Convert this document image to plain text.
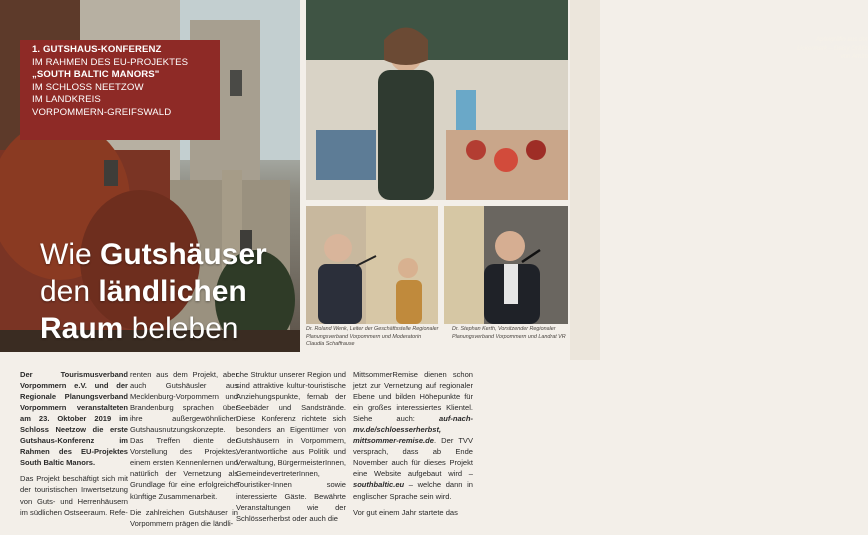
1. GUTSHAUS-KONFERENZ
IM RAHMEN DES EU-PROJEKTES
„SOUTH BALTIC MANORS"
IM SCHLOSS NEETZOW
IM LANDKREIS
VORPOMMERN-GREIFSWALD
Wie Gutshäuser
den ländlichen
Raum beleben
Apfelgräfin aus der Uckermark – Daisy Gräfin von Arnim
Dr. Roland Wenk, Leiter der Geschäftsstelle Regionaler Planungsverband Vorpommern und Moderatorin Claudia Schaffrause
Dr. Stephan Kerth, Vorsitzender Regionaler Planungsverband Vorpommern und Landrat VR

Der Tourismusverband Vorpommern e.V. und der Regionale Planungsverband Vorpommern veranstalteten am 23. Oktober 2019 im Schloss Neetzow die erste Gutshaus-Konferenz im Rahmen des EU-Projektes South Baltic Manors.

Das Projekt beschäftigt sich mit der touristischen Inwertsetzung von Guts- und Herrenhäusern im südlichen Ostseeraum. Refe-

renten aus dem Projekt, aber auch Gutshäusler aus Mecklenburg-Vorpommern und Brandenburg sprachen über ihre außergewöhnlichen Gutshausnutzungskonzepte. Das Treffen diente der Vorstellung des Projektes, einem ersten Kennenlernen und natürlich der Vernetzung als Grundlage für eine erfolgreiche künftige Zusammenarbeit.

Die zahlreichen Gutshäuser in Vorpommern prägen die ländli-

che Struktur unserer Region und sind attraktive kultur-touristische Anziehungspunkte, fernab der Seebäder und Sandstrände. Diese Konferenz richtete sich besonders an Eigentümer von Gutshäusern in Vorpommern, Verantwortliche aus Politik und Verwaltung, BürgermeisterInnen, GemeindevertreterInnen, Touristiker-Innen sowie interessierte Gäste. Bewährte Veranstaltungen wie der Schlösserherbst oder auch die

MittsommerRemise dienen schon jetzt zur Vernetzung auf regionaler Ebene und bilden Höhepunkte für ein großes interessiertes Klientel. Siehe auch: auf-nach-mv.de/schloesserherbst, mittsommer-remise.de. Der TVV versprach, dass ab Ende November auch für dieses Projekt eine Website aufgebaut wird – southbaltic.eu – welche dann in englischer Sprache sein wird.

Vor gut einem Jahr startete das
